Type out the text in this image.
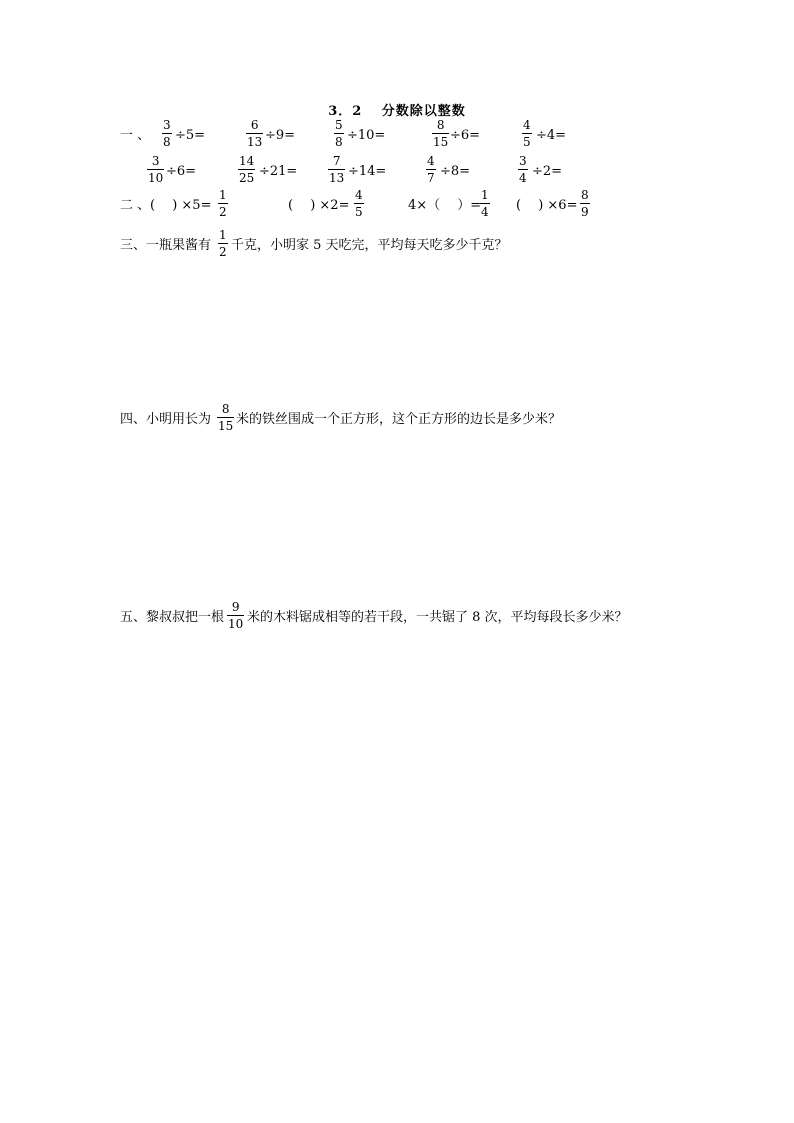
3．2　 分数除以整数
一 、
3
8 ÷5=
6
13 ÷9=
5
8 ÷10=
8
15 ÷6=
4
5 ÷4=
3
10 ÷6=
14
25 ÷21=
7
13 ÷14=
4
7 ÷8=
3
4 ÷2=
二 、 (　 ) ×5=
1
2	(　 ) ×2=
4
5	4×（　 ）=
1
4 (　 ) ×6=
8
9
三、一瓶果酱有
1
2 千克，小明家 5 天吃完，平均每天吃多少千克？
四、小明用长为
8
15 米的铁丝围成一个正方形，这个正方形的边长是多少米？
五、黎叔叔把一根
9
10 米的木料锯成相等的若干段，一共锯了 8 次，平均每段长多少米？
